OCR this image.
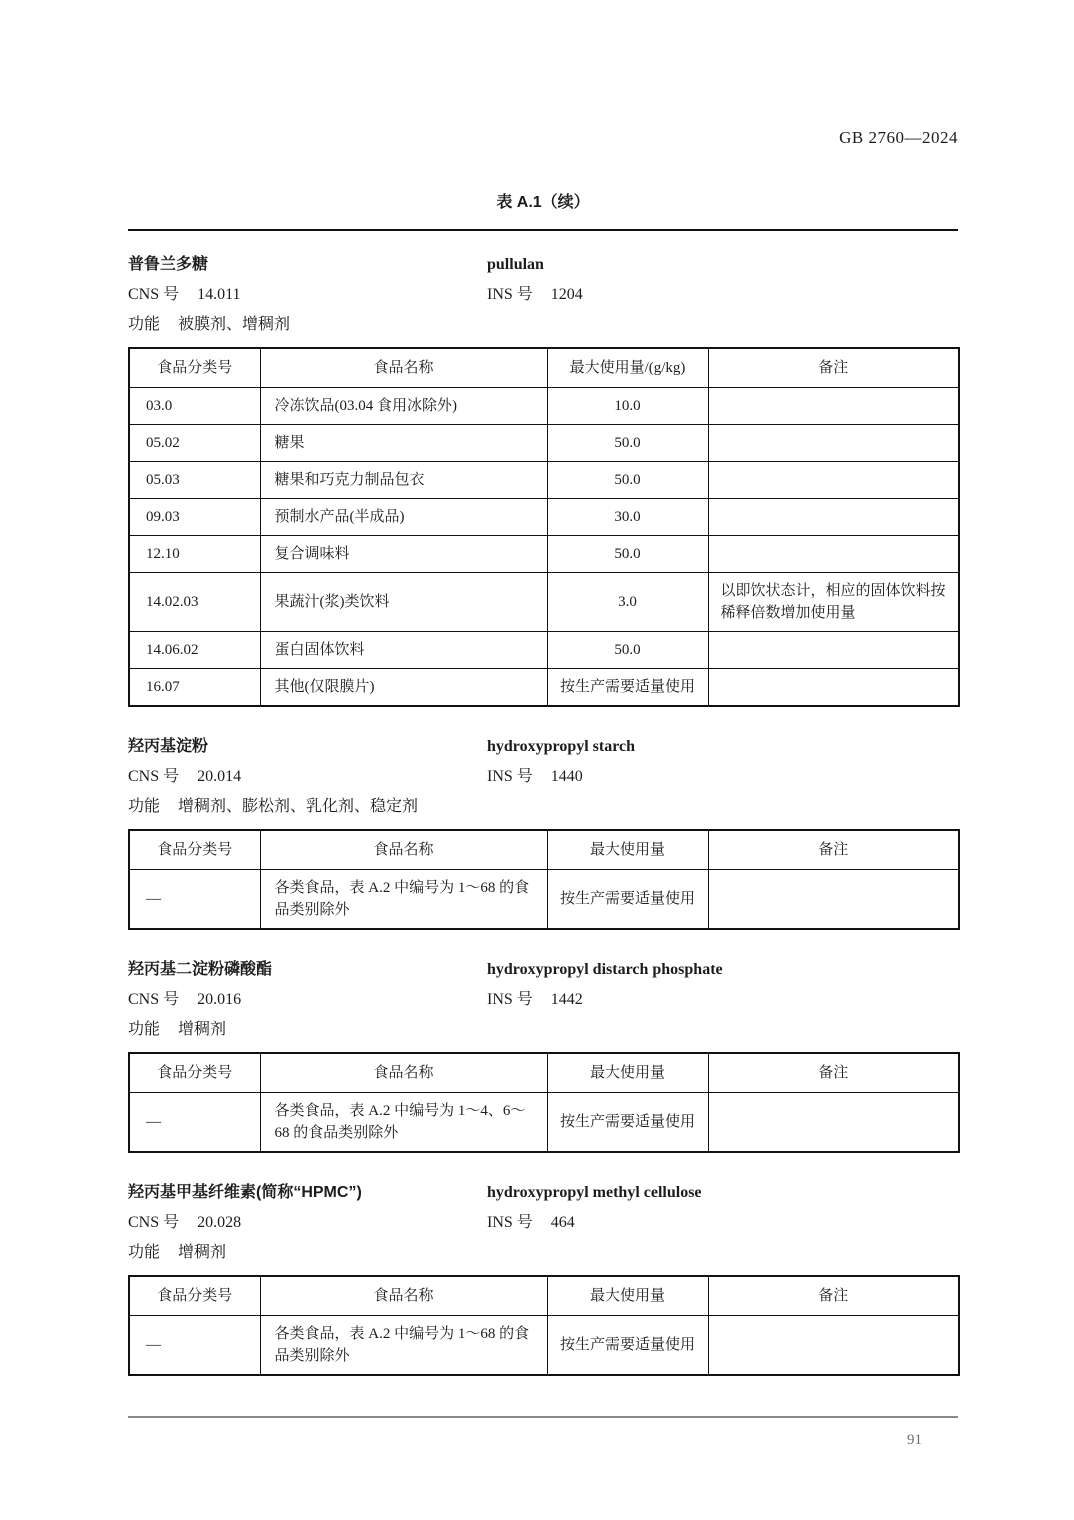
GB 2760—2024
表 A.1（续）
普鲁兰多糖	pullulan
CNS 号 14.011	INS 号 1204
功能 被膜剂、增稠剂
食品分类号	食品名称	最大使用量/(g/kg)	备注
03.0	冷冻饮品(03.04 食用冰除外)	10.0	
05.02	糖果	50.0	
05.03	糖果和巧克力制品包衣	50.0	
09.03	预制水产品(半成品)	30.0	
12.10	复合调味料	50.0	
14.02.03	果蔬汁(浆)类饮料	3.0	以即饮状态计，相应的固体饮料按稀释倍数增加使用量
14.06.02	蛋白固体饮料	50.0	
16.07	其他(仅限膜片)	按生产需要适量使用	
羟丙基淀粉	hydroxypropyl starch
CNS 号 20.014	INS 号 1440
功能 增稠剂、膨松剂、乳化剂、稳定剂
食品分类号	食品名称	最大使用量	备注
—	各类食品，表 A.2 中编号为 1～68 的食品类别除外	按生产需要适量使用	
羟丙基二淀粉磷酸酯	hydroxypropyl distarch phosphate
CNS 号 20.016	INS 号 1442
功能 增稠剂
食品分类号	食品名称	最大使用量	备注
—	各类食品，表 A.2 中编号为 1～4、6～68 的食品类别除外	按生产需要适量使用	
羟丙基甲基纤维素(简称“HPMC”)	hydroxypropyl methyl cellulose
CNS 号 20.028	INS 号 464
功能 增稠剂
食品分类号	食品名称	最大使用量	备注
—	各类食品，表 A.2 中编号为 1～68 的食品类别除外	按生产需要适量使用	
91
